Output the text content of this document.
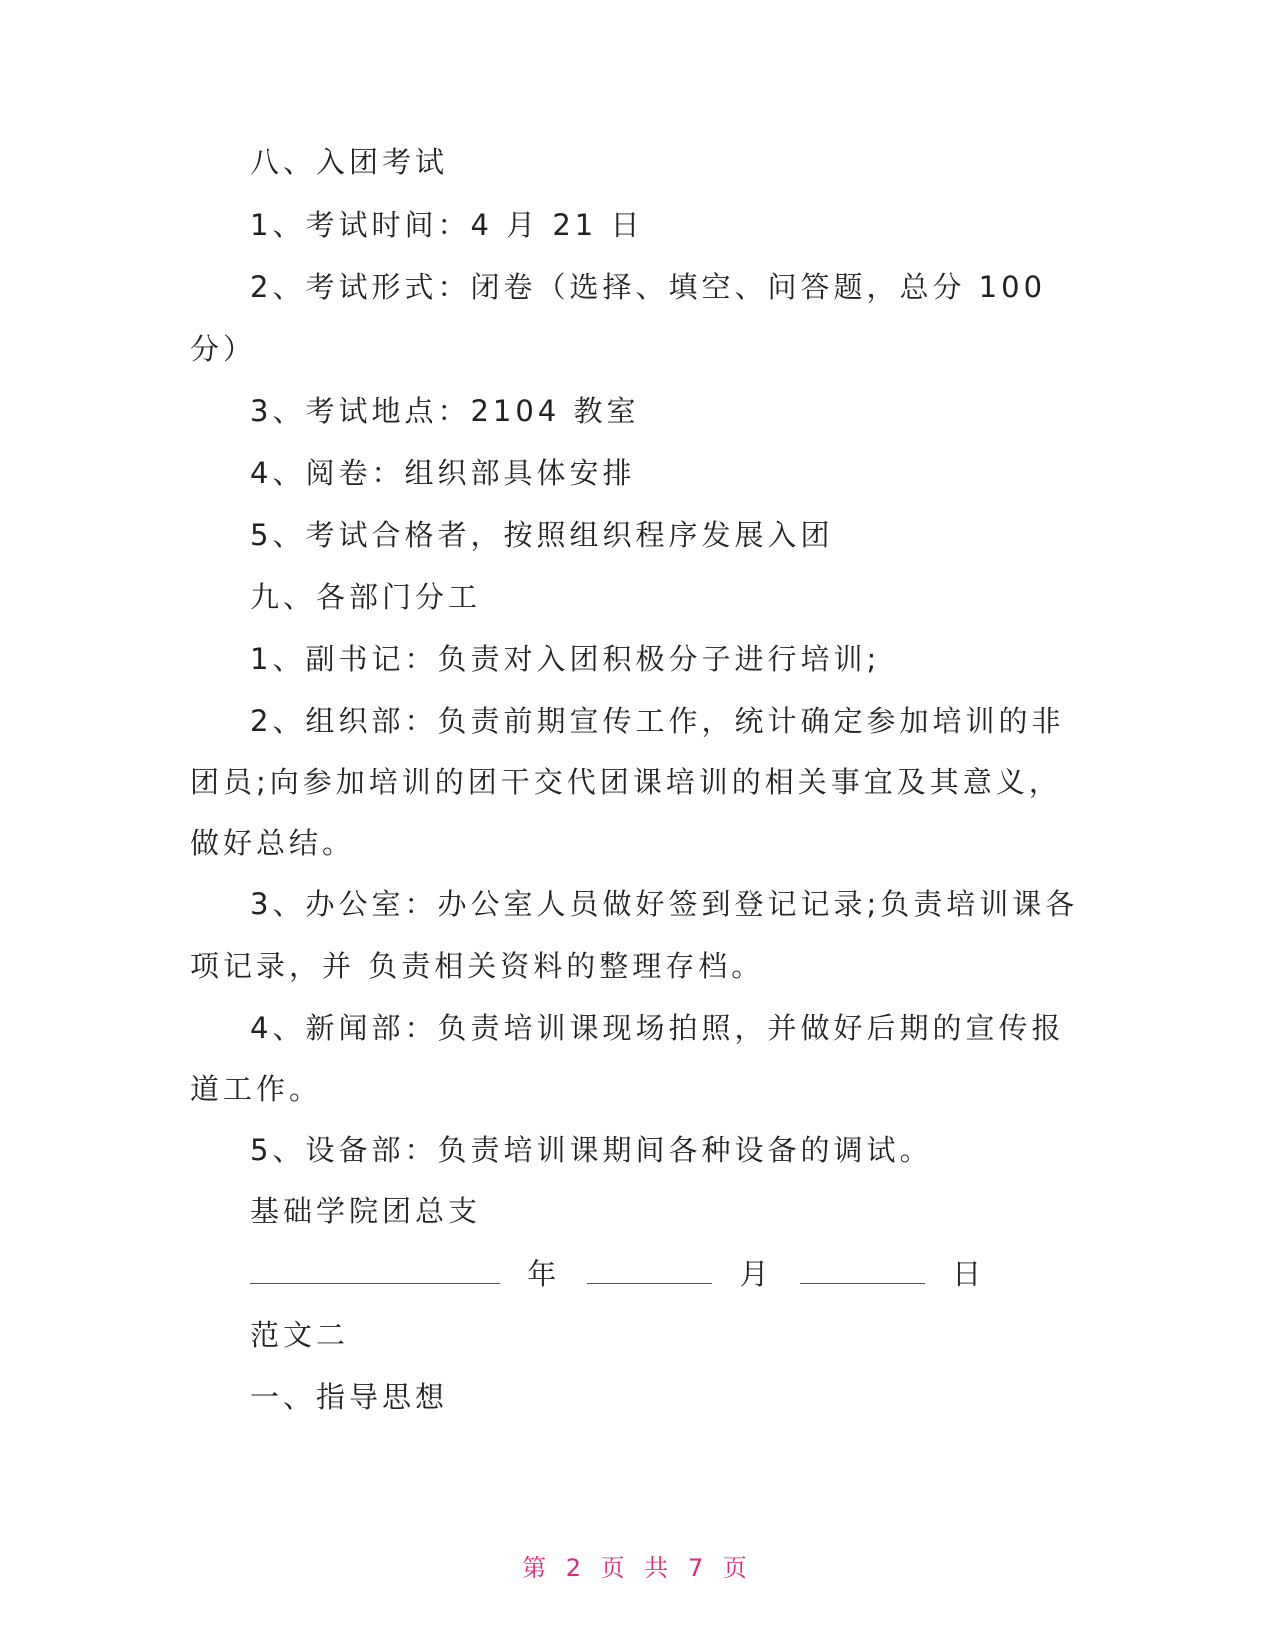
八、入团考试
1、考试时间：4 月 21 日
2、考试形式：闭卷（选择、填空、问答题，总分 100
分）
3、考试地点：2104 教室
4、阅卷：组织部具体安排
5、考试合格者，按照组织程序发展入团
九、各部门分工
1、副书记：负责对入团积极分子进行培训;
2、组织部：负责前期宣传工作，统计确定参加培训的非
团员;向参加培训的团干交代团课培训的相关事宜及其意义，
做好总结。
3、办公室：办公室人员做好签到登记记录;负责培训课各
项记录，并 负责相关资料的整理存档。
4、新闻部：负责培训课现场拍照，并做好后期的宣传报
道工作。
5、设备部：负责培训课期间各种设备的调试。
基础学院团总支
年	月	日
范文二
一、指导思想
第 2 页 共 7 页
